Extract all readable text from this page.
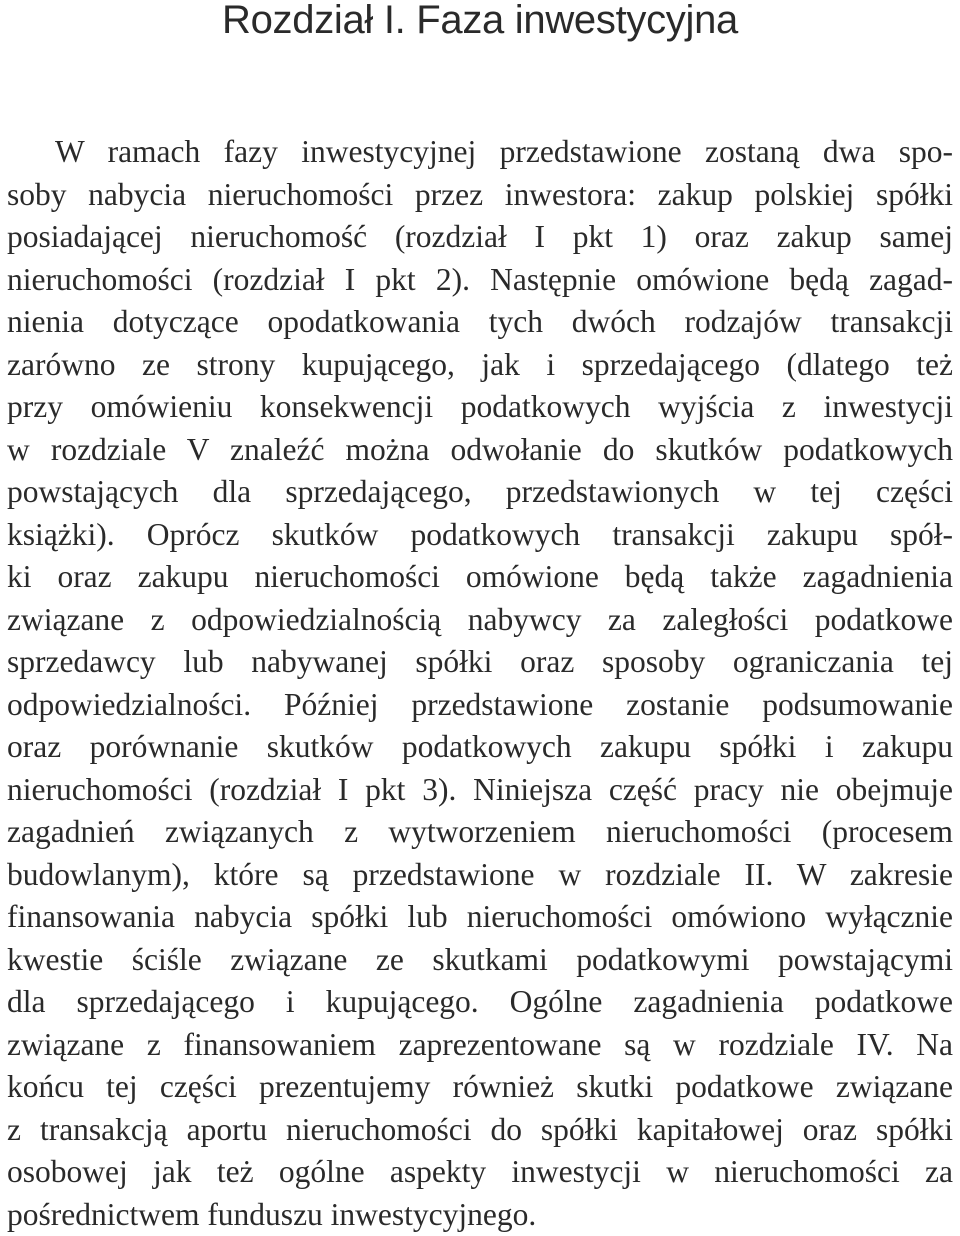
Rozdział I. Faza inwestycyjna

W ramach fazy inwestycyjnej przedstawione zostaną dwa spo-
soby nabycia nieruchomości przez inwestora: zakup polskiej spółki
posiadającej nieruchomość (rozdział I pkt 1) oraz zakup samej
nieruchomości (rozdział I pkt 2). Następnie omówione będą zagad-
nienia dotyczące opodatkowania tych dwóch rodzajów transakcji
zarówno ze strony kupującego, jak i sprzedającego (dlatego też
przy omówieniu konsekwencji podatkowych wyjścia z inwestycji
w rozdziale V znaleźć można odwołanie do skutków podatkowych
powstających dla sprzedającego, przedstawionych w tej części
książki). Oprócz skutków podatkowych transakcji zakupu spół-
ki oraz zakupu nieruchomości omówione będą także zagadnienia
związane z odpowiedzialnością nabywcy za zaległości podatkowe
sprzedawcy lub nabywanej spółki oraz sposoby ograniczania tej
odpowiedzialności. Później przedstawione zostanie podsumowanie
oraz porównanie skutków podatkowych zakupu spółki i zakupu
nieruchomości (rozdział I pkt 3). Niniejsza część pracy nie obejmuje
zagadnień związanych z wytworzeniem nieruchomości (procesem
budowlanym), które są przedstawione w rozdziale II. W zakresie
finansowania nabycia spółki lub nieruchomości omówiono wyłącznie
kwestie ściśle związane ze skutkami podatkowymi powstającymi
dla sprzedającego i kupującego. Ogólne zagadnienia podatkowe
związane z finansowaniem zaprezentowane są w rozdziale IV. Na
końcu tej części prezentujemy również skutki podatkowe związane
z transakcją aportu nieruchomości do spółki kapitałowej oraz spółki
osobowej jak też ogólne aspekty inwestycji w nieruchomości za
pośrednictwem funduszu inwestycyjnego.
